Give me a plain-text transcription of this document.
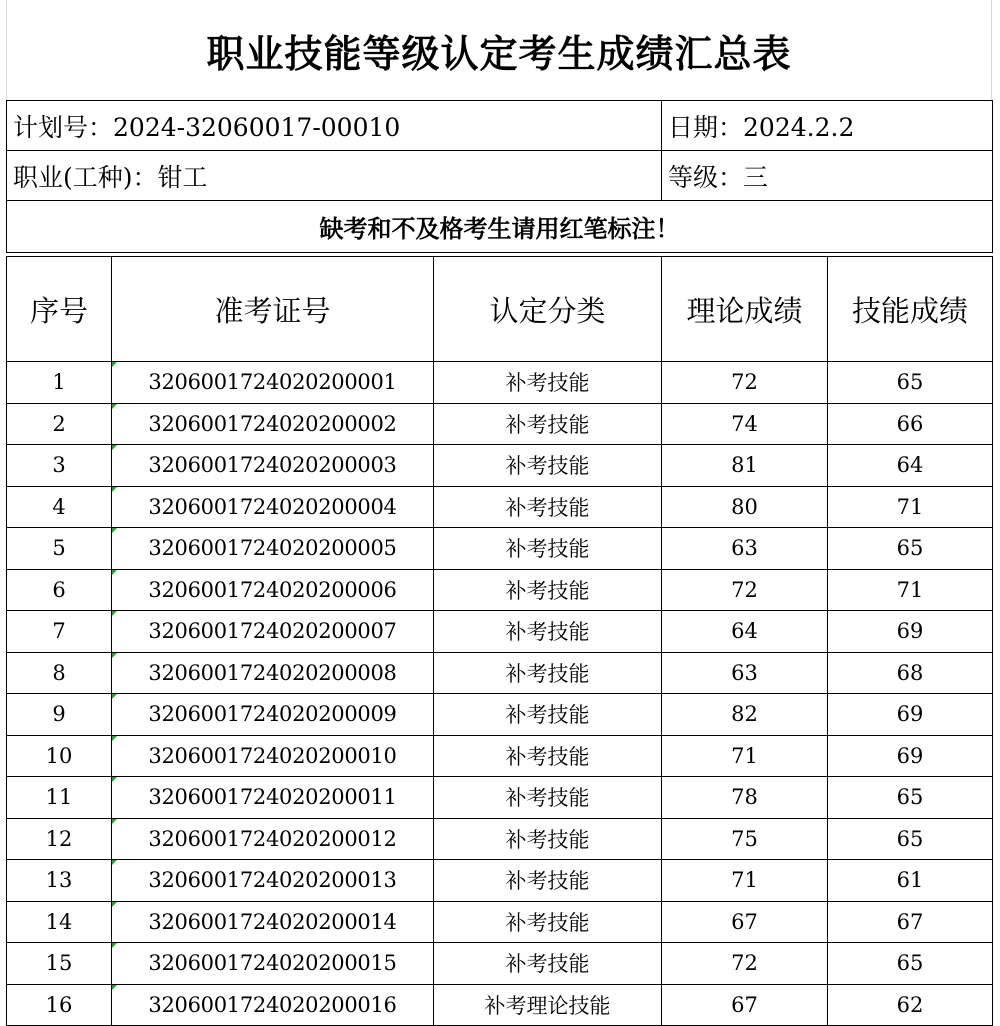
职业技能等级认定考生成绩汇总表
计划号：2024-32060017-00010	日期：2024.2.2
职业(工种)：钳工	等级：三
缺考和不及格考生请用红笔标注！	
序号	准考证号	认定分类	理论成绩	技能成绩
1	3206001724020200001	补考技能	72	65
2	3206001724020200002	补考技能	74	66
3	3206001724020200003	补考技能	81	64
4	3206001724020200004	补考技能	80	71
5	3206001724020200005	补考技能	63	65
6	3206001724020200006	补考技能	72	71
7	3206001724020200007	补考技能	64	69
8	3206001724020200008	补考技能	63	68
9	3206001724020200009	补考技能	82	69
10	3206001724020200010	补考技能	71	69
11	3206001724020200011	补考技能	78	65
12	3206001724020200012	补考技能	75	65
13	3206001724020200013	补考技能	71	61
14	3206001724020200014	补考技能	67	67
15	3206001724020200015	补考技能	72	65
16	3206001724020200016	补考理论技能	67	62
